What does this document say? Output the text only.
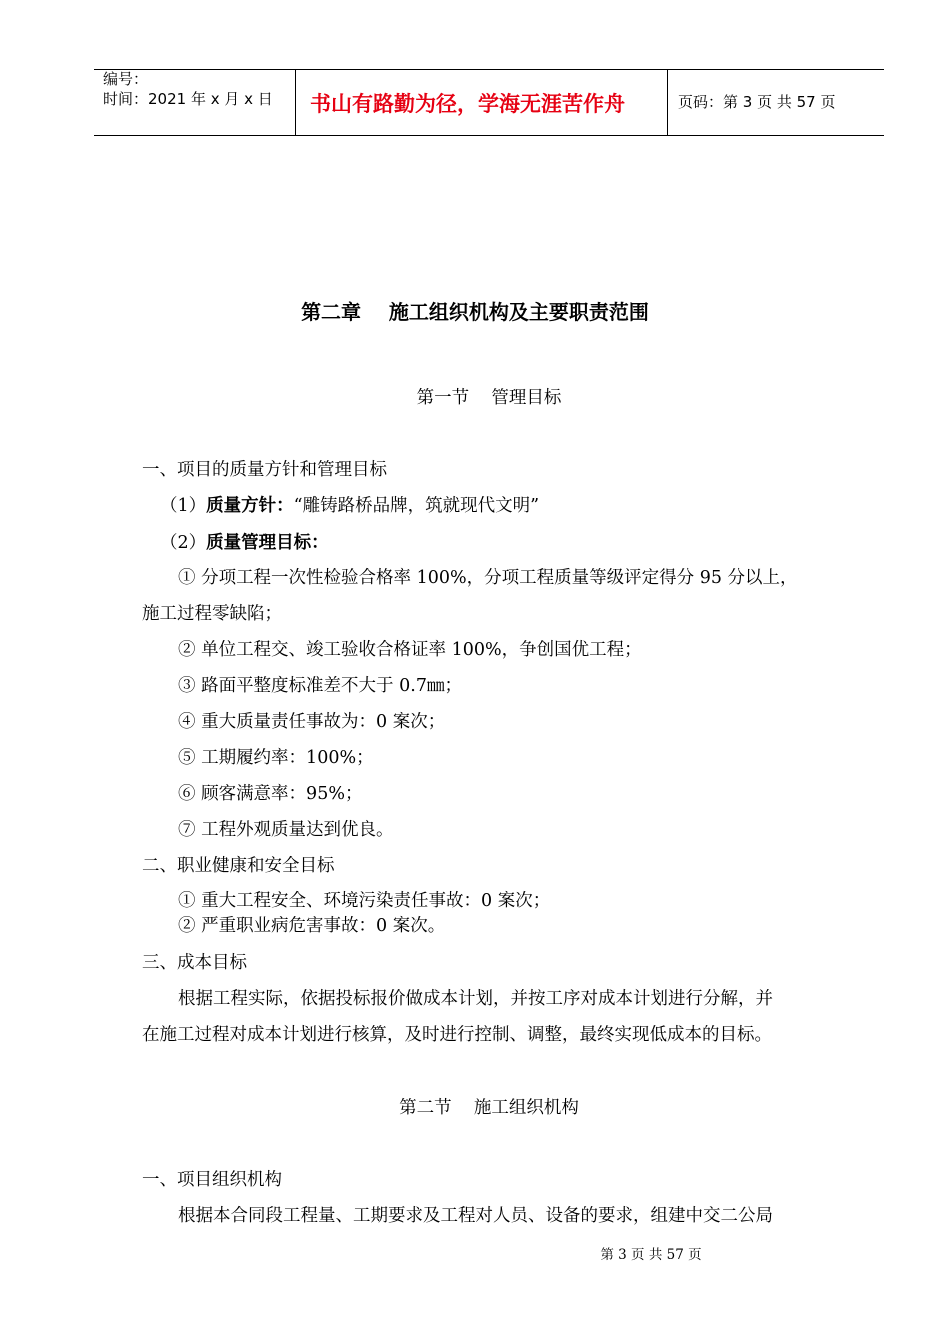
编号：
时间：2021 年 x 月 x 日 书山有路勤为径，学海无涯苦作舟	页码：第 3 页 共 57 页
第二章    施工组织机构及主要职责范围
第一节    管理目标
一、项目的质量方针和管理目标
（1）质量方针：“雕铸路桥品牌，筑就现代文明”
（2）质量管理目标：
① 分项工程一次性检验合格率 100%，分项工程质量等级评定得分 95 分以上，
施工过程零缺陷；
② 单位工程交、竣工验收合格证率 100%，争创国优工程；
③ 路面平整度标准差不大于 0.7㎜；
④ 重大质量责任事故为：0 案次；
⑤ 工期履约率：100%；
⑥ 顾客满意率：95%；
⑦ 工程外观质量达到优良。
二、职业健康和安全目标
① 重大工程安全、环境污染责任事故：0 案次；
② 严重职业病危害事故：0 案次。
三、成本目标
根据工程实际，依据投标报价做成本计划，并按工序对成本计划进行分解，并
在施工过程对成本计划进行核算，及时进行控制、调整，最终实现低成本的目标。
第二节    施工组织机构
一、项目组织机构
根据本合同段工程量、工期要求及工程对人员、设备的要求，组建中交二公局
第 3 页 共 57 页
